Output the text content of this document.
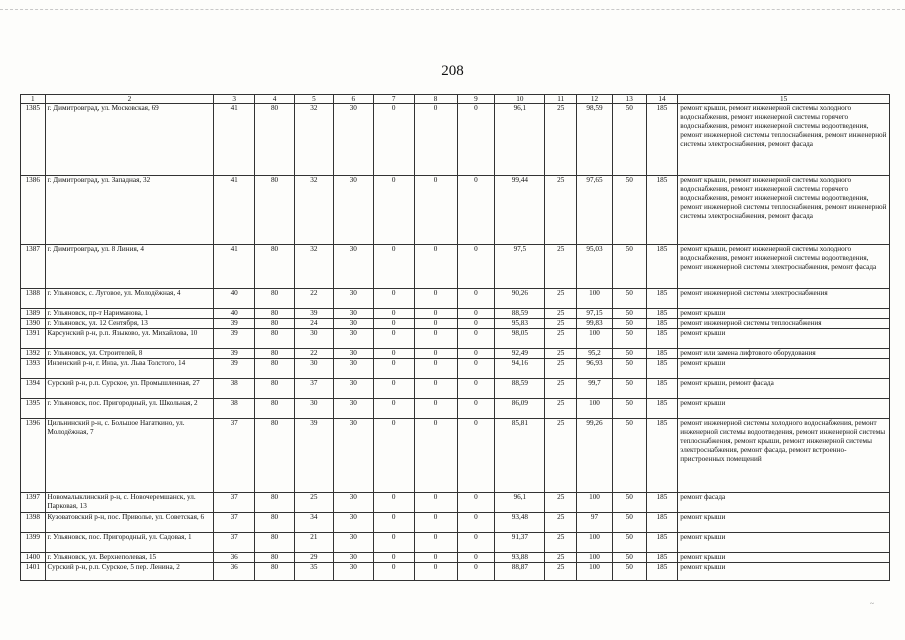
208
1	2	3	4	5	6	7	8	9	10	11	12	13	14	15
1385	г. Димитровград, ул. Московская, 69	41	80	32	30	0	0	0	96,1	25	98,59	50	185	ремонт крыши, ремонт инженерной системы холодного водоснабжения, ремонт инженерной системы горячего водоснабжения, ремонт инженерной системы водоотведения, ремонт инженерной системы теплоснабжения, ремонт инженерной системы электроснабжения, ремонт фасада
1386	г. Димитровград, ул. Западная, 32	41	80	32	30	0	0	0	99,44	25	97,65	50	185	ремонт крыши, ремонт инженерной системы холодного водоснабжения, ремонт инженерной системы горячего водоснабжения, ремонт инженерной системы водоотведения, ремонт инженерной системы теплоснабжения, ремонт инженерной системы электроснабжения, ремонт фасада
1387	г. Димитровград, ул. 8 Линия, 4	41	80	32	30	0	0	0	97,5	25	95,03	50	185	ремонт крыши, ремонт инженерной системы холодного водоснабжения, ремонт инженерной системы водоотведения, ремонт инженерной системы электроснабжения, ремонт фасада
1388	г. Ульяновск, с. Луговое, ул. Молодёжная, 4	40	80	22	30	0	0	0	90,26	25	100	50	185	ремонт инженерной системы электроснабжения
1389	г. Ульяновск, пр-т Нариманова, 1	40	80	39	30	0	0	0	88,59	25	97,15	50	185	ремонт крыши
1390	г. Ульяновск, ул. 12 Сентября, 13	39	80	24	30	0	0	0	95,83	25	99,83	50	185	ремонт инженерной системы теплоснабжения
1391	Карсунский р-н, р.п. Языково, ул. Михайлова, 10	39	80	30	30	0	0	0	98,05	25	100	50	185	ремонт крыши
1392	г. Ульяновск, ул. Строителей, 8	39	80	22	30	0	0	0	92,49	25	95,2	50	185	ремонт или замена лифтового оборудования
1393	Инзенский р-н, г. Инза, ул. Льва Толстого, 14	39	80	30	30	0	0	0	94,16	25	96,93	50	185	ремонт крыши
1394	Сурский р-н, р.п. Сурское, ул. Промышленная, 27	38	80	37	30	0	0	0	88,59	25	99,7	50	185	ремонт крыши, ремонт фасада
1395	г. Ульяновск, пос. Пригородный, ул. Школьная, 2	38	80	30	30	0	0	0	86,09	25	100	50	185	ремонт крыши
1396	Цильнинский р-н, с. Большое Нагаткино, ул. Молодёжная, 7	37	80	39	30	0	0	0	85,81	25	99,26	50	185	ремонт инженерной системы холодного водоснабжения, ремонт инженерной системы водоотведения, ремонт инженерной системы теплоснабжения, ремонт крыши, ремонт инженерной системы электроснабжения, ремонт фасада, ремонт встроенно-пристроенных помещений
1397	Новомалыклинский р-н, с. Новочеремшанск, ул. Парковая, 13	37	80	25	30	0	0	0	96,1	25	100	50	185	ремонт фасада
1398	Кузоватовский р-н, пос. Приволье, ул. Советская, 6	37	80	34	30	0	0	0	93,48	25	97	50	185	ремонт крыши
1399	г. Ульяновск, пос. Пригородный, ул. Садовая, 1	37	80	21	30	0	0	0	91,37	25	100	50	185	ремонт крыши
1400	г. Ульяновск, ул. Верхнеполевая, 15	36	80	29	30	0	0	0	93,88	25	100	50	185	ремонт крыши
1401	Сурский р-н, р.п. Сурское, 5 пер. Ленина, 2	36	80	35	30	0	0	0	88,87	25	100	50	185	ремонт крыши
~
